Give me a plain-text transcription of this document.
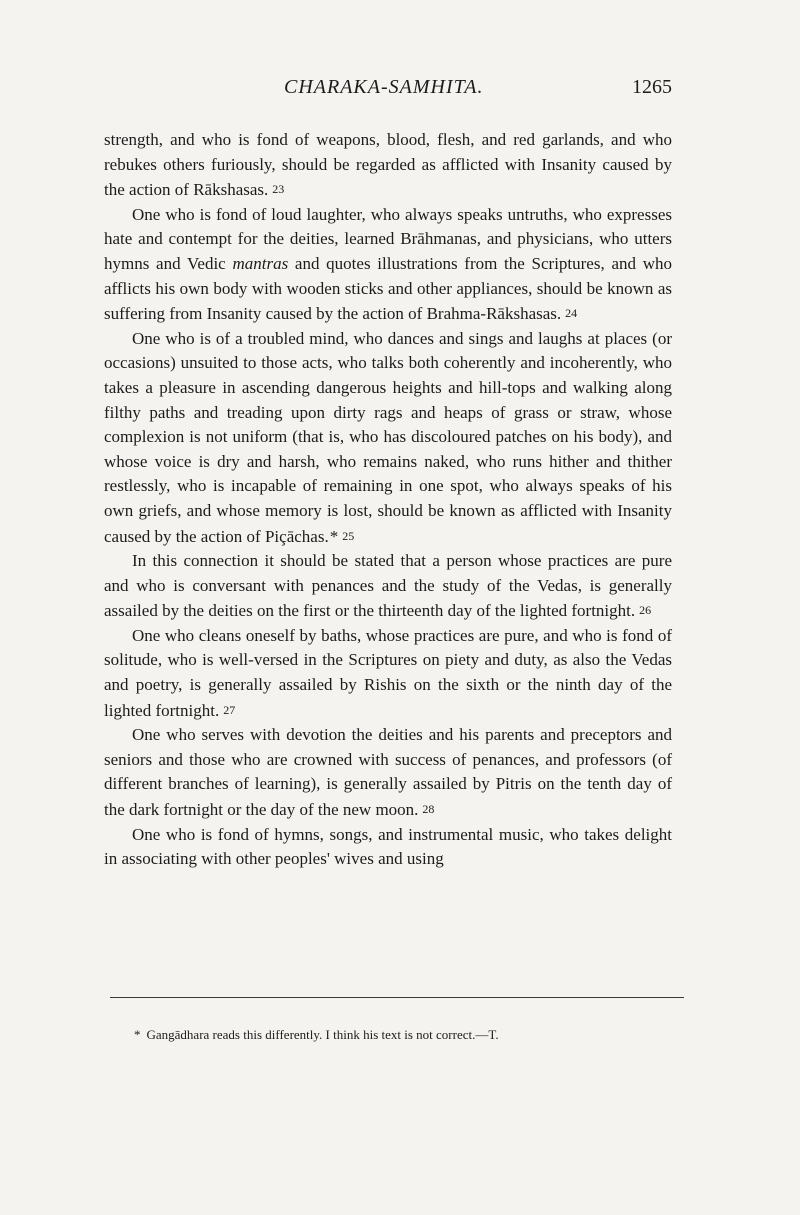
CHARAKA-SAMHITA.	1265

strength, and who is fond of weapons, blood, flesh, and red garlands, and who rebukes others furiously, should be regarded as afflicted with Insanity caused by the action of Rākshasas. 23

One who is fond of loud laughter, who always speaks untruths, who expresses hate and contempt for the deities, learned Brāhmanas, and physicians, who utters hymns and Vedic mantras and quotes illustrations from the Scriptures, and who afflicts his own body with wooden sticks and other appliances, should be known as suffering from Insanity caused by the action of Brahma-Rākshasas. 24

One who is of a troubled mind, who dances and sings and laughs at places (or occasions) unsuited to those acts, who talks both coherently and incoherently, who takes a pleasure in ascending dangerous heights and hill-tops and walking along filthy paths and treading upon dirty rags and heaps of grass or straw, whose complexion is not uniform (that is, who has discoloured patches on his body), and whose voice is dry and harsh, who remains naked, who runs hither and thither restlessly, who is incapable of remaining in one spot, who always speaks of his own griefs, and whose memory is lost, should be known as afflicted with Insanity caused by the action of Piçāchas.* 25

In this connection it should be stated that a person whose practices are pure and who is conversant with penances and the study of the Vedas, is generally assailed by the deities on the first or the thirteenth day of the lighted fortnight. 26

One who cleans oneself by baths, whose practices are pure, and who is fond of solitude, who is well-versed in the Scriptures on piety and duty, as also the Vedas and poetry, is generally assailed by Rishis on the sixth or the ninth day of the lighted fortnight. 27

One who serves with devotion the deities and his parents and preceptors and seniors and those who are crowned with success of penances, and professors (of different branches of learning), is generally assailed by Pitris on the tenth day of the dark fortnight or the day of the new moon. 28

One who is fond of hymns, songs, and instrumental music, who takes delight in associating with other peoples' wives and using

* Gangādhara reads this differently. I think his text is not correct.—T.
